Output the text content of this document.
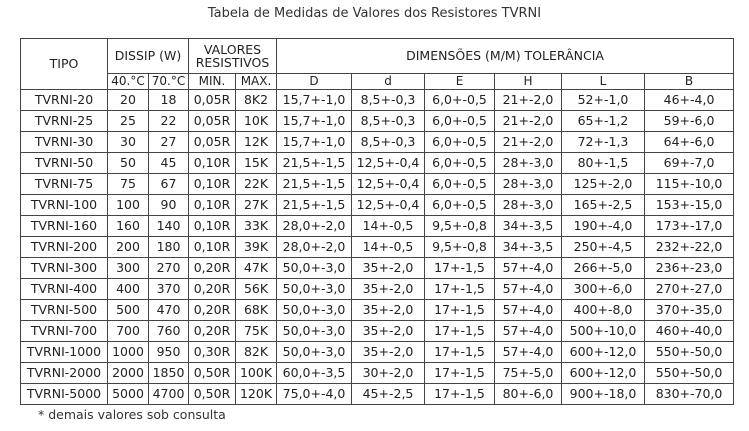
Tabela de Medidas de Valores dos Resistores TVRNI
TIPO	DISSIP (W)		VALORES RESISTIVOS		DIMENSÕES (M/M) TOLERÂNCIA					
	40.°C	70.°C	MIN.	MAX.	D	d	E	H	L	B
TVRNI-20	20	18	0,05R	8K2	15,7+-1,0	8,5+-0,3	6,0+-0,5	21+-2,0	52+-1,0	46+-4,0
TVRNI-25	25	22	0,05R	10K	15,7+-1,0	8,5+-0,3	6,0+-0,5	21+-2,0	65+-1,2	59+-6,0
TVRNI-30	30	27	0,05R	12K	15,7+-1,0	8,5+-0,3	6,0+-0,5	21+-2,0	72+-1,3	64+-6,0
TVRNI-50	50	45	0,10R	15K	21,5+-1,5	12,5+-0,4	6,0+-0,5	28+-3,0	80+-1,5	69+-7,0
TVRNI-75	75	67	0,10R	22K	21,5+-1,5	12,5+-0,4	6,0+-0,5	28+-3,0	125+-2,0	115+-10,0
TVRNI-100	100	90	0,10R	27K	21,5+-1,5	12,5+-0,4	6,0+-0,5	28+-3,0	165+-2,5	153+-15,0
TVRNI-160	160	140	0,10R	33K	28,0+-2,0	14+-0,5	9,5+-0,8	34+-3,5	190+-4,0	173+-17,0
TVRNI-200	200	180	0,10R	39K	28,0+-2,0	14+-0,5	9,5+-0,8	34+-3,5	250+-4,5	232+-22,0
TVRNI-300	300	270	0,20R	47K	50,0+-3,0	35+-2,0	17+-1,5	57+-4,0	266+-5,0	236+-23,0
TVRNI-400	400	370	0,20R	56K	50,0+-3,0	35+-2,0	17+-1,5	57+-4,0	300+-6,0	270+-27,0
TVRNI-500	500	470	0,20R	68K	50,0+-3,0	35+-2,0	17+-1,5	57+-4,0	400+-8,0	370+-35,0
TVRNI-700	700	760	0,20R	75K	50,0+-3,0	35+-2,0	17+-1,5	57+-4,0	500+-10,0	460+-40,0
TVRNI-1000	1000	950	0,30R	82K	50,0+-3,0	35+-2,0	17+-1,5	57+-4,0	600+-12,0	550+-50,0
TVRNI-2000	2000	1850	0,50R	100K	60,0+-3,5	30+-2,0	17+-1,5	75+-5,0	600+-12,0	550+-50,0
TVRNI-5000	5000	4700	0,50R	120K	75,0+-4,0	45+-2,5	17+-1,5	80+-6,0	900+-18,0	830+-70,0
* demais valores sob consulta
